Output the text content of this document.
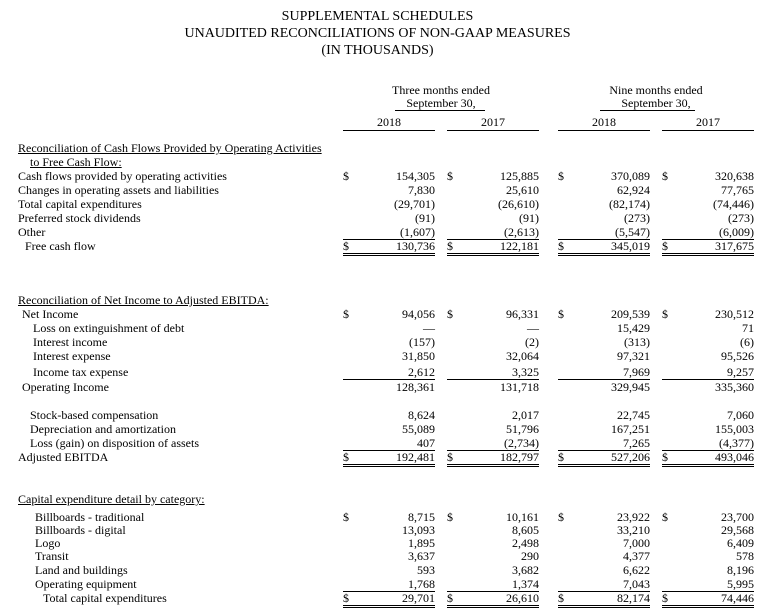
SUPPLEMENTAL SCHEDULES
UNAUDITED RECONCILIATIONS OF NON-GAAP MEASURES
(IN THOUSANDS)
Three months ended
September 30,
Nine months ended
September 30,
2018	2017	2018	2017
Reconciliation of Cash Flows Provided by Operating Activities
to Free Cash Flow:
Reconciliation of Net Income to Adjusted EBITDA:
Capital expenditure detail by category:
Cash flows provided by operating activities	$	154,305 $	125,885 $	370,089 $	320,638
Changes in operating assets and liabilities	7,830	25,610	62,924	77,765
Total capital expenditures	(29,701)	(26,610)	(82,174)	(74,446)
Preferred stock dividends	(91)	(91)	(273)	(273)
Other	(1,607)	(2,613)	(5,547)	(6,009)
Free cash flow	$	130,736 $	122,181 $	345,019 $	317,675
Net Income	$	94,056 $	96,331 $	209,539 $	230,512
Loss on extinguishment of debt	—	—	15,429	71
Interest income	(157)	(2)	(313)	(6)
Interest expense	31,850	32,064	97,321	95,526
Income tax expense	2,612	3,325	7,969	9,257
Operating Income	128,361	131,718	329,945	335,360
Stock-based compensation	8,624	2,017	22,745	7,060
Depreciation and amortization	55,089	51,796	167,251	155,003
Loss (gain) on disposition of assets	407	(2,734)	7,265	(4,377)
Adjusted EBITDA	$	192,481 $	182,797 $	527,206 $	493,046
Billboards - traditional	$	8,715 $	10,161 $	23,922 $	23,700
Billboards - digital	13,093	8,605	33,210	29,568
Logo	1,895	2,498	7,000	6,409
Transit	3,637	290	4,377	578
Land and buildings	593	3,682	6,622	8,196
Operating equipment	1,768	1,374	7,043	5,995
Total capital expenditures	$	29,701 $	26,610 $	82,174 $	74,446
